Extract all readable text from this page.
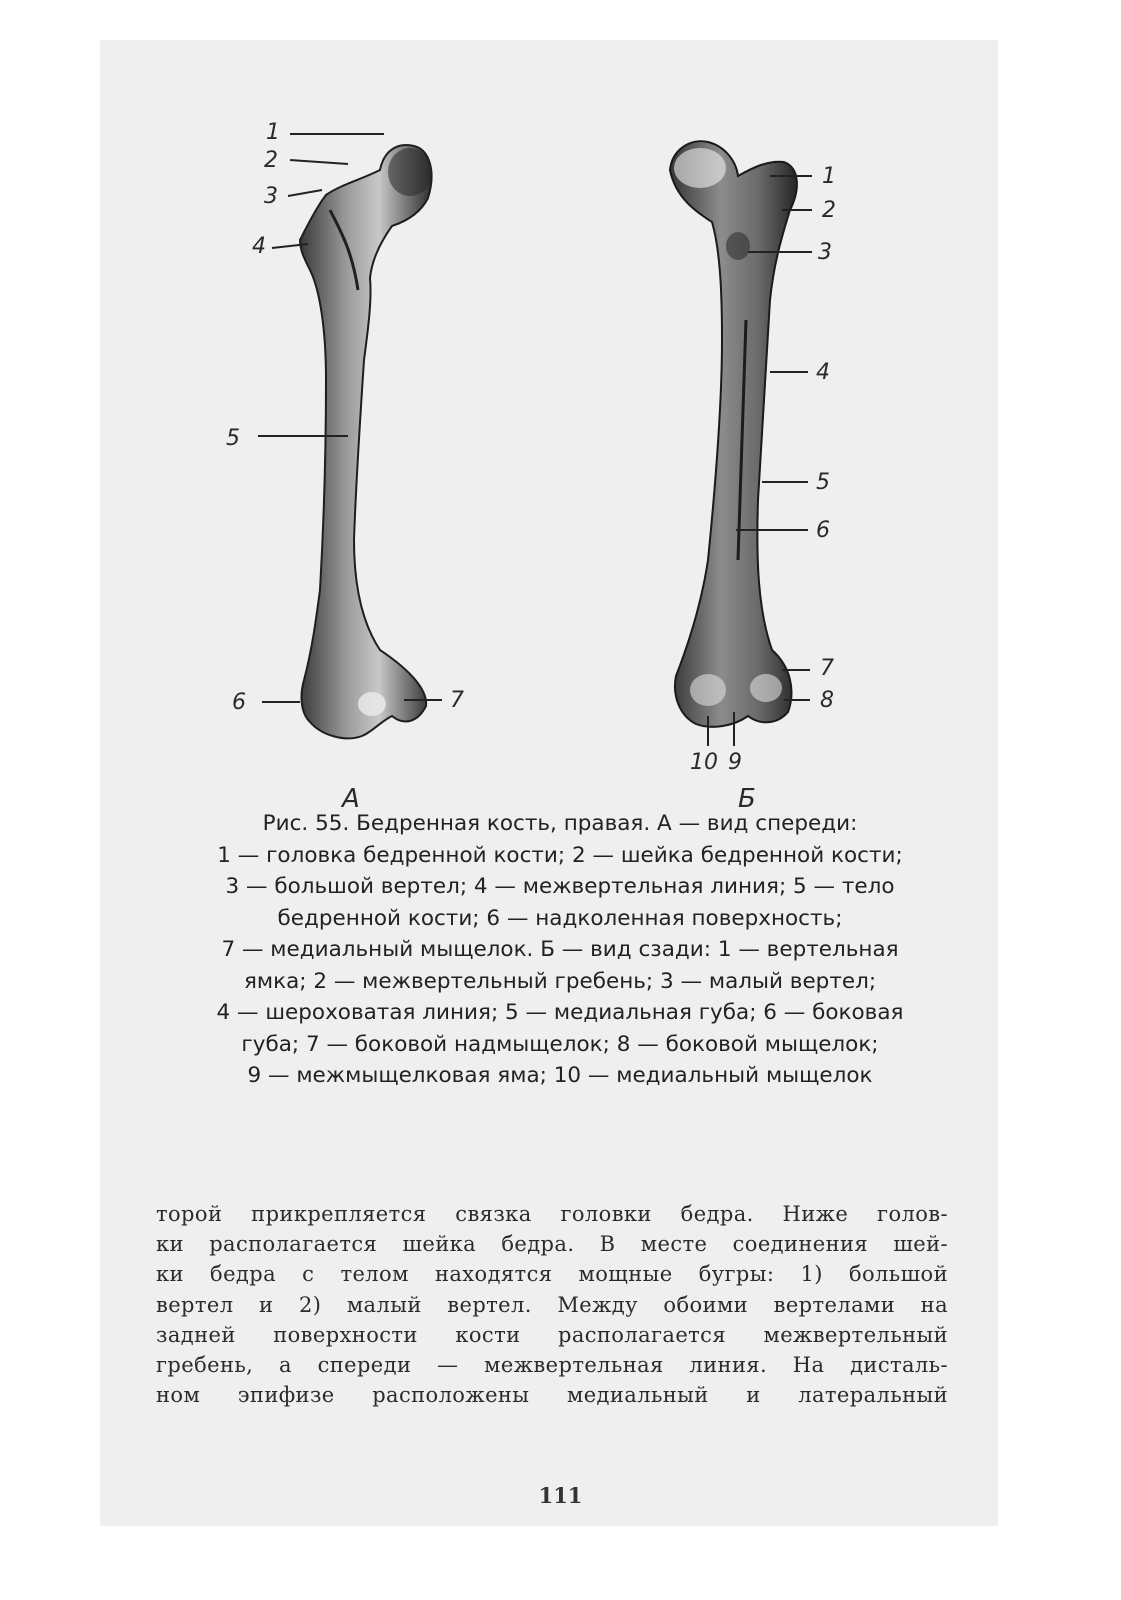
1
2
3
4
5
6	7
А
1
2
3
4
5
6
7
8
10 9
Б
Рис. 55. Бедренная кость, правая. А — вид спереди:
1 — головка бедренной кости; 2 — шейка бедренной кости;
3 — большой вертел; 4 — межвертельная линия; 5 — тело
бедренной кости; 6 — надколенная поверхность;
7 — медиальный мыщелок. Б — вид сзади: 1 — вертельная
ямка; 2 — межвертельный гребень; 3 — малый вертел;
4 — шероховатая линия; 5 — медиальная губа; 6 — боковая
губа; 7 — боковой надмыщелок; 8 — боковой мыщелок;
9 — межмыщелковая яма; 10 — медиальный мыщелок
торой прикрепляется связка головки бедра. Ниже голов-
ки располагается шейка бедра. В месте соединения шей-
ки бедра с телом находятся мощные бугры: 1) большой
вертел и 2) малый вертел. Между обоими вертелами на
задней поверхности кости располагается межвертельный
гребень, а спереди — межвертельная линия. На дисталь-
ном эпифизе расположены медиальный и латеральный
111
